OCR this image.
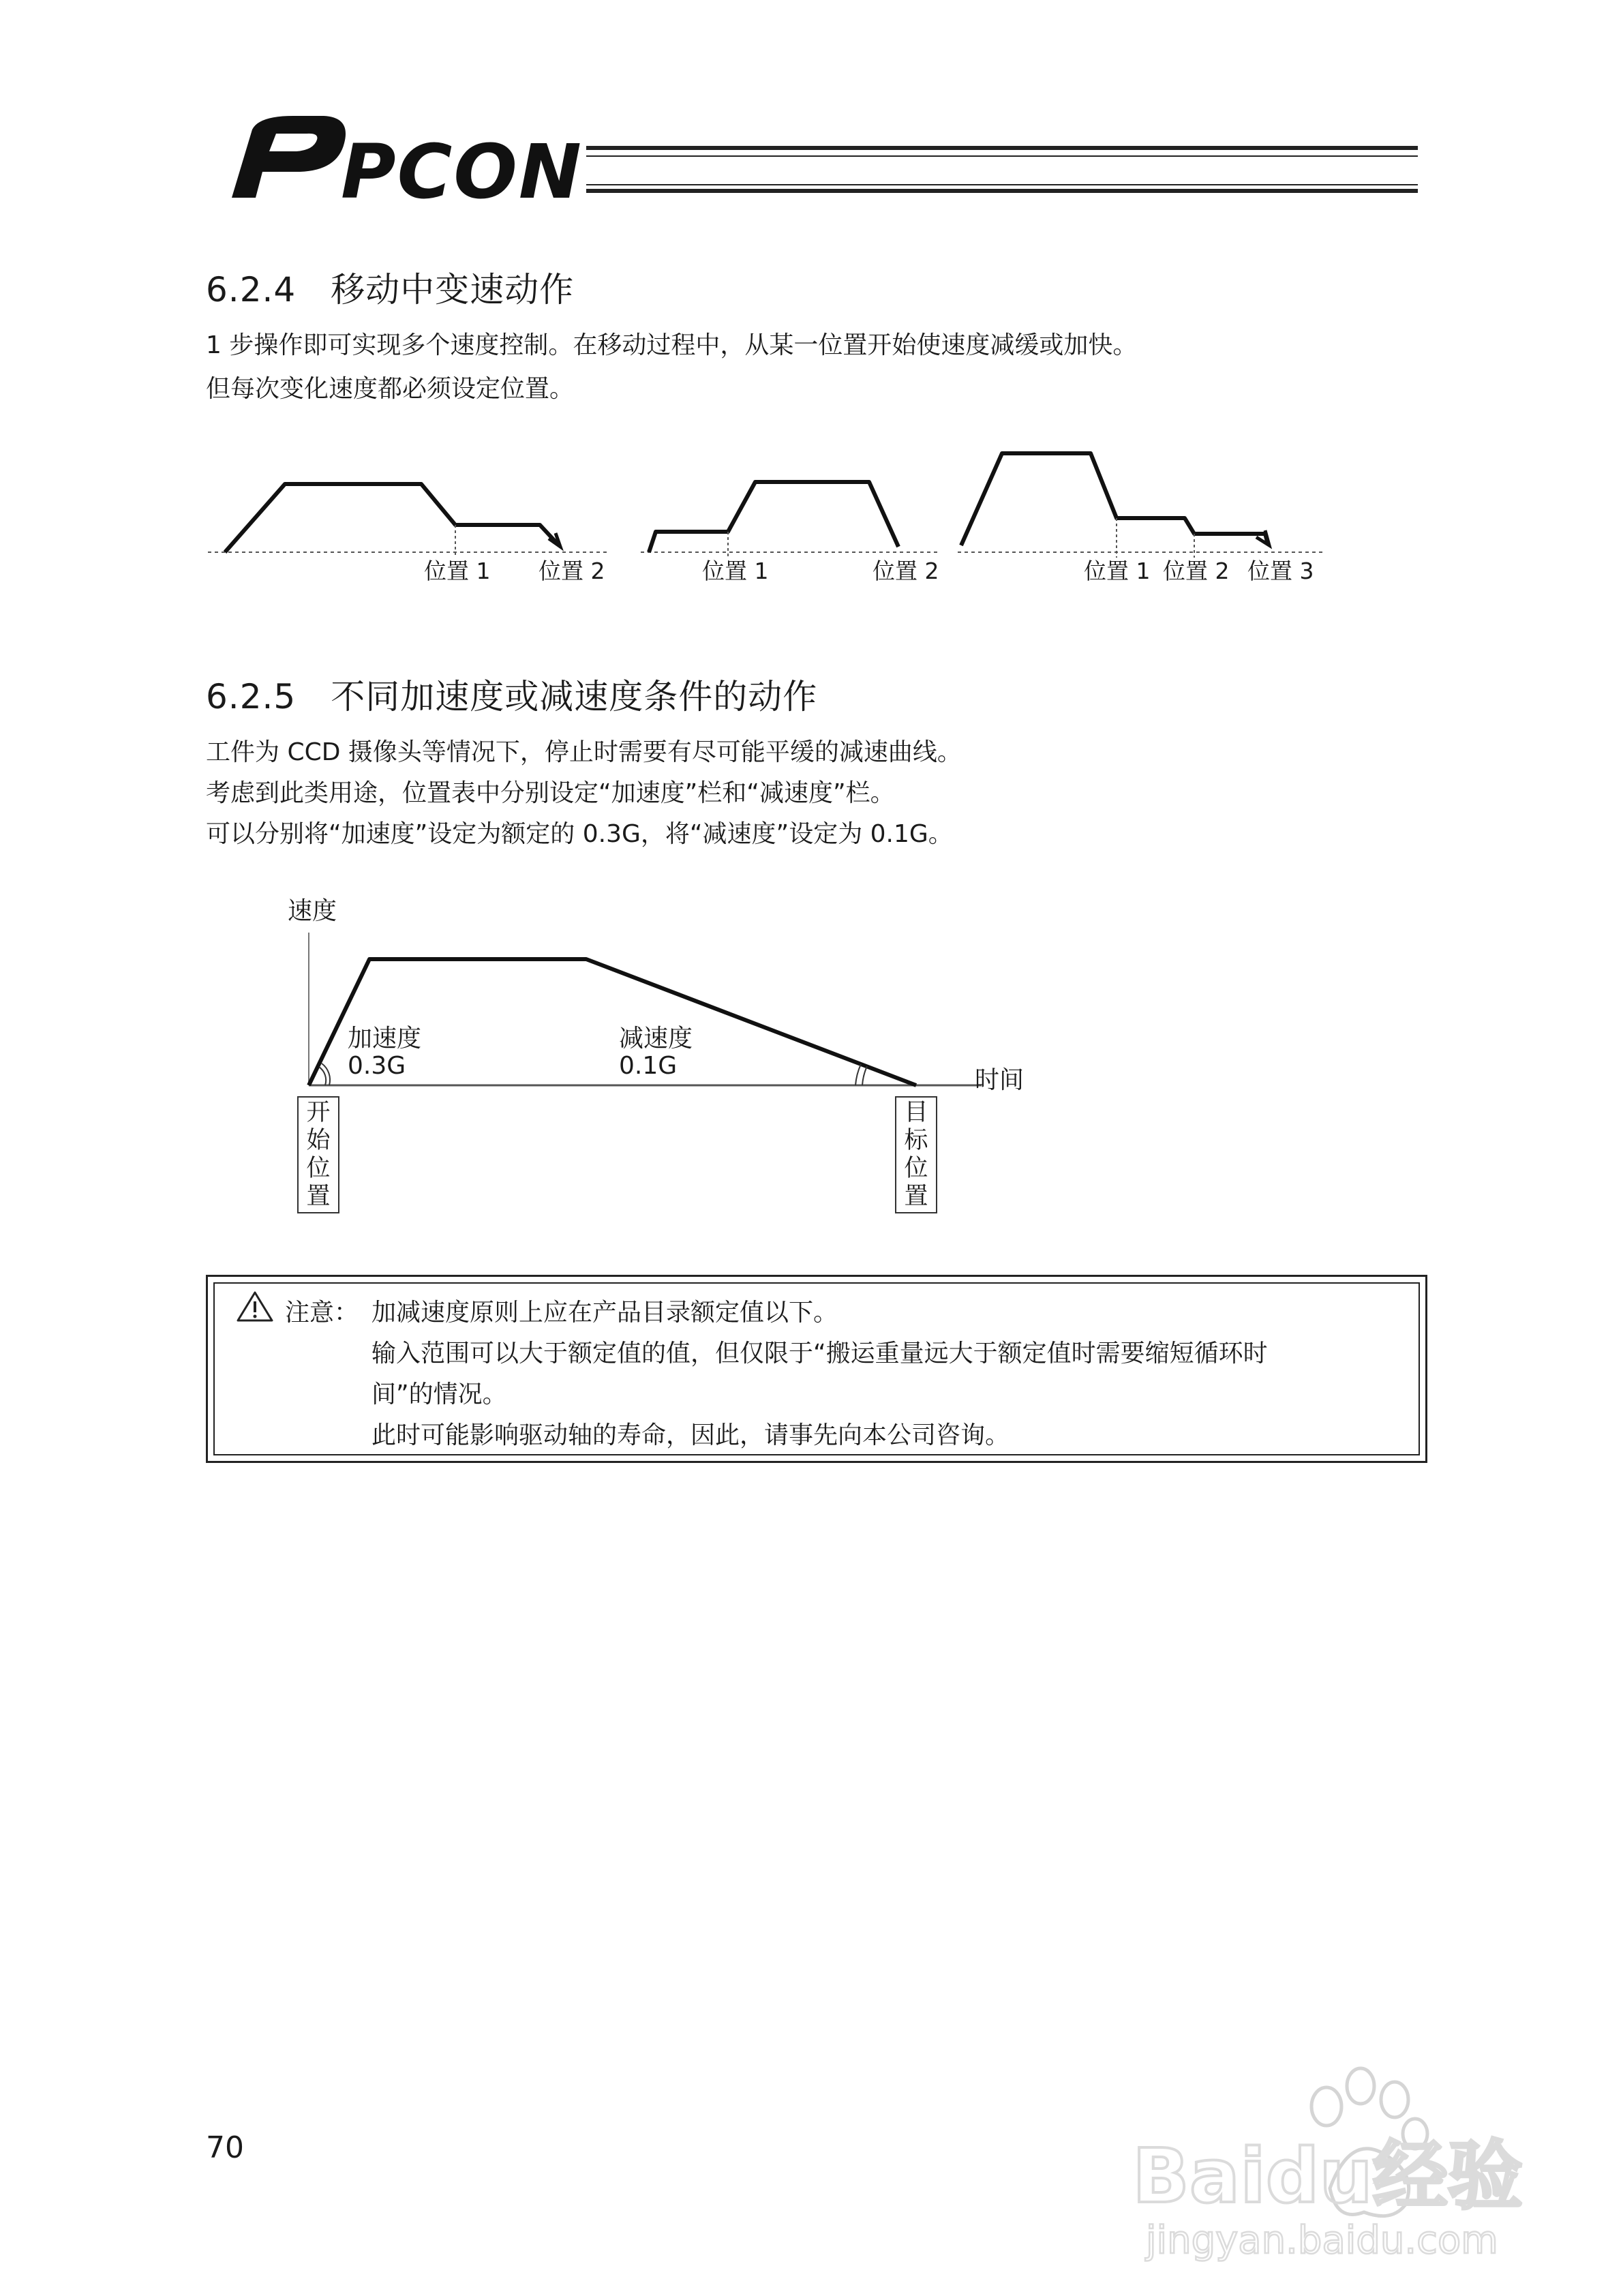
PCON
6.2.4　移动中变速动作
1 步操作即可实现多个速度控制。在移动过程中，从某一位置开始使速度减缓或加快。
但每次变化速度都必须设定位置。
位置 1 位置 2	位置 1	位置 2	位置 1 位置 2 位置 3
6.2.5　不同加速度或减速度条件的动作
工件为 CCD 摄像头等情况下，停止时需要有尽可能平缓的减速曲线。
考虑到此类用途，位置表中分别设定“加速度”栏和“减速度”栏。
可以分别将“加速度”设定为额定的 0.3G，将“减速度”设定为 0.1G。
速度
时间
加速度
0.3G
减速度
0.1G
开
始
位
置
目
标
位
置
注意： 加减速度原则上应在产品目录额定值以下。
输入范围可以大于额定值的值，但仅限于“搬运重量远大于额定值时需要缩短循环时
间”的情况。
此时可能影响驱动轴的寿命，因此，请事先向本公司咨询。
70	Baidu经验
jingyan.baidu.com
